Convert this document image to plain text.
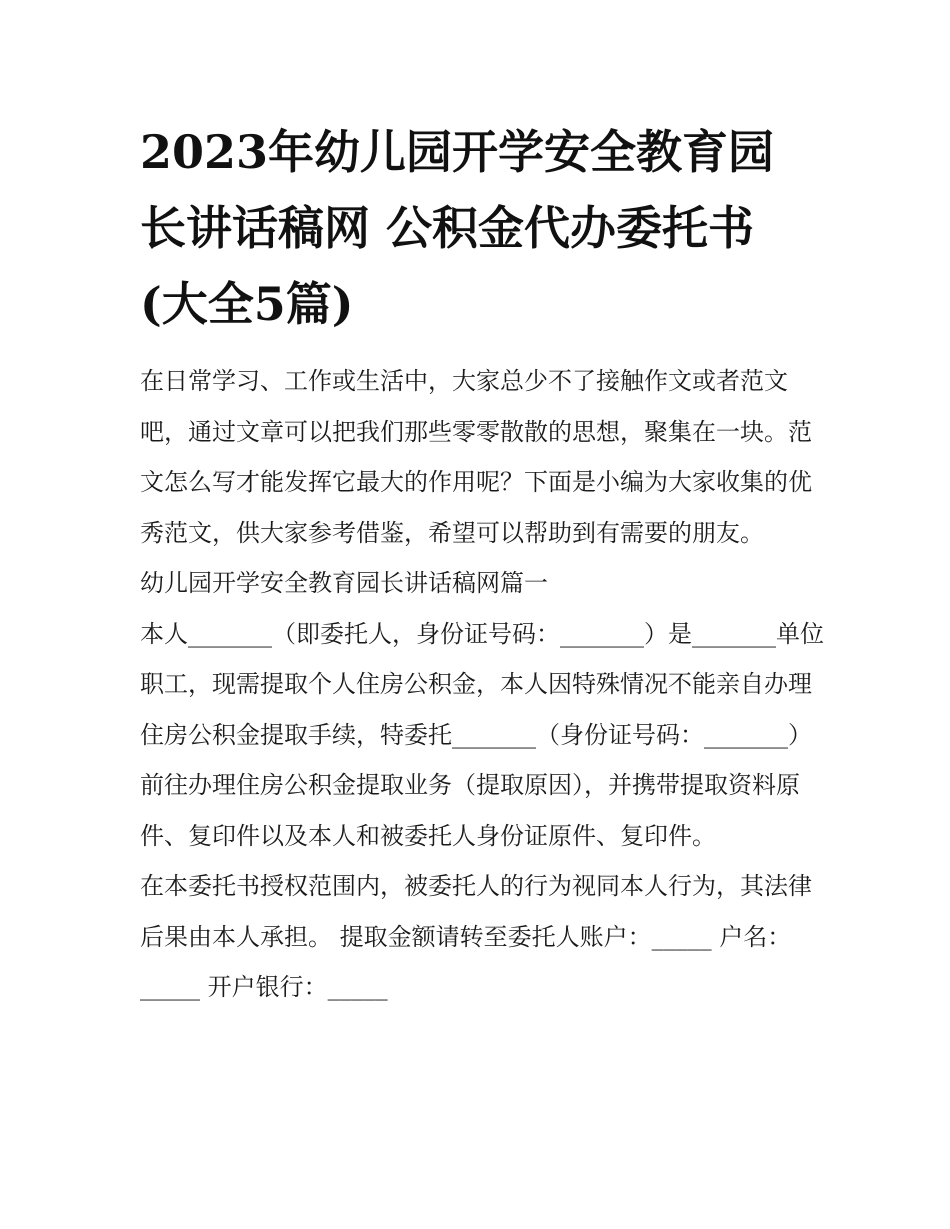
2023年幼儿园开学安全教育园长讲话稿网 公积金代办委托书(大全5篇)

在日常学习、工作或生活中，大家总少不了接触作文或者范文吧，通过文章可以把我们那些零零散散的思想，聚集在一块。范文怎么写才能发挥它最大的作用呢？下面是小编为大家收集的优秀范文，供大家参考借鉴，希望可以帮助到有需要的朋友。

幼儿园开学安全教育园长讲话稿网篇一

本人_______（即委托人，身份证号码：_______）是_______单位职工，现需提取个人住房公积金，本人因特殊情况不能亲自办理住房公积金提取手续，特委托_______（身份证号码：_______）前往办理住房公积金提取业务（提取原因），并携带提取资料原件、复印件以及本人和被委托人身份证原件、复印件。

在本委托书授权范围内，被委托人的行为视同本人行为，其法律后果由本人承担。 提取金额请转至委托人账户：_____ 户名：_____ 开户银行：_____
